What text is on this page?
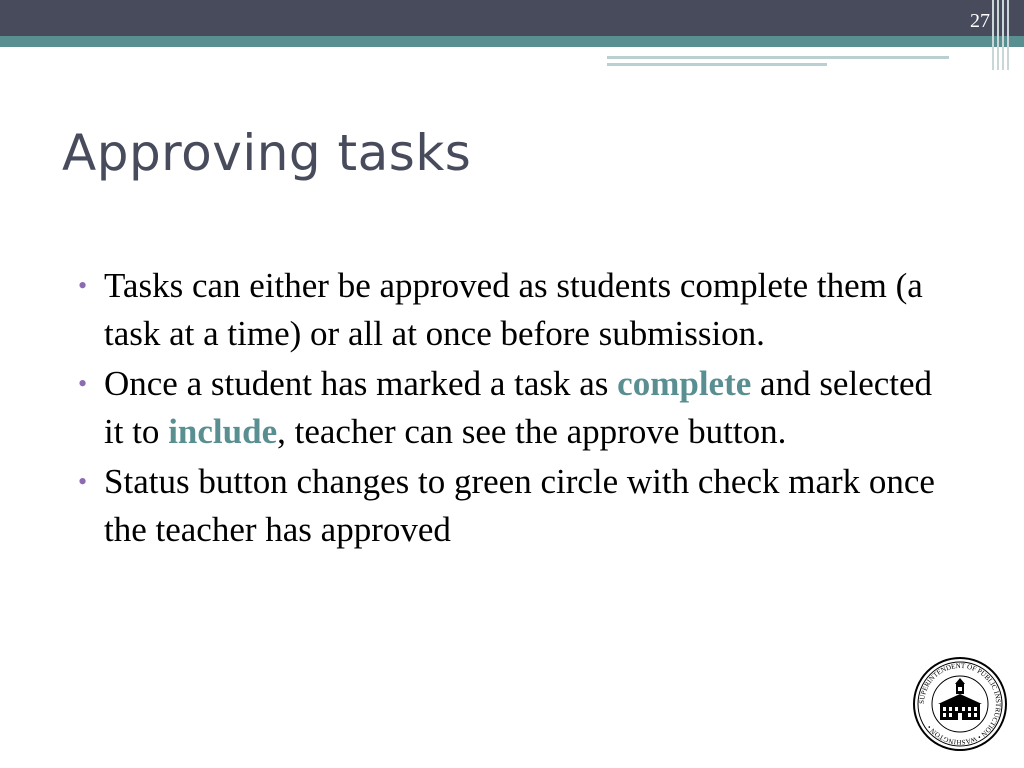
27
Approving tasks
• Tasks can either be approved as students complete them (a task at a time) or all at once before submission.
• Once a student has marked a task as complete and selected it to include, teacher can see the approve button.
• Status button changes to green circle with check mark once the teacher has approved
SUPERINTENDENT OF PUBLIC INSTRUCTION • WASHINGTON •
